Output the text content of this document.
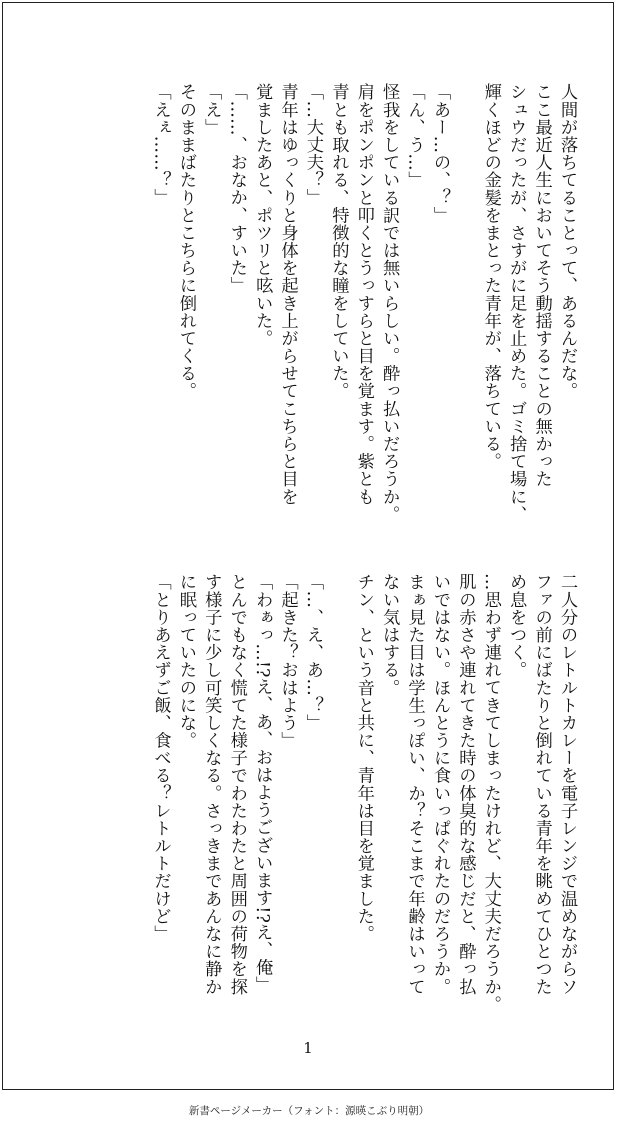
人間が落ちてることって、あるんだな。

ここ最近人生においてそう動揺することの無かった

シュウだったが、さすがに足を止めた。ゴミ捨て場に、

輝くほどの金髪をまとった青年が、落ちている。

「あー…の、？」

「ん、う…」

怪我をしている訳では無いらしい。酔っ払いだろうか。

肩をポンポンと叩くとうっすらと目を覚ます。紫とも

青とも取れる、特徴的な瞳をしていた。

「…大丈夫？」

青年はゆっくりと身体を起き上がらせてこちらと目を

覚ましたあと、ポツリと呟いた。

「……、おなか、すいた」

「え」

そのままばたりとこちらに倒れてくる。

「えぇ……？」

二人分のレトルトカレーを電子レンジで温めながらソ

ファの前にばたりと倒れている青年を眺めてひとつた

め息をつく。

…思わず連れてきてしまったけれど、大丈夫だろうか。

肌の赤さや連れてきた時の体臭的な感じだと、酔っ払

いではない。ほんとうに食いっぱぐれたのだろうか。

まぁ見た目は学生っぽい、か？そこまで年齢はいって

ない気はする。

チン、という音と共に、青年は目を覚ました。

「…、え、あ…？」

「起きた？おはよう」

「わぁっ…!?え、あ、おはようございます!?え、俺」

とんでもなく慌てた様子でわたわたと周囲の荷物を探

す様子に少し可笑しくなる。さっきまであんなに静か

に眠っていたのにな。

「とりあえずご飯、食べる？レトルトだけど」

1
新書ページメーカー（フォント：源暎こぶり明朝）
